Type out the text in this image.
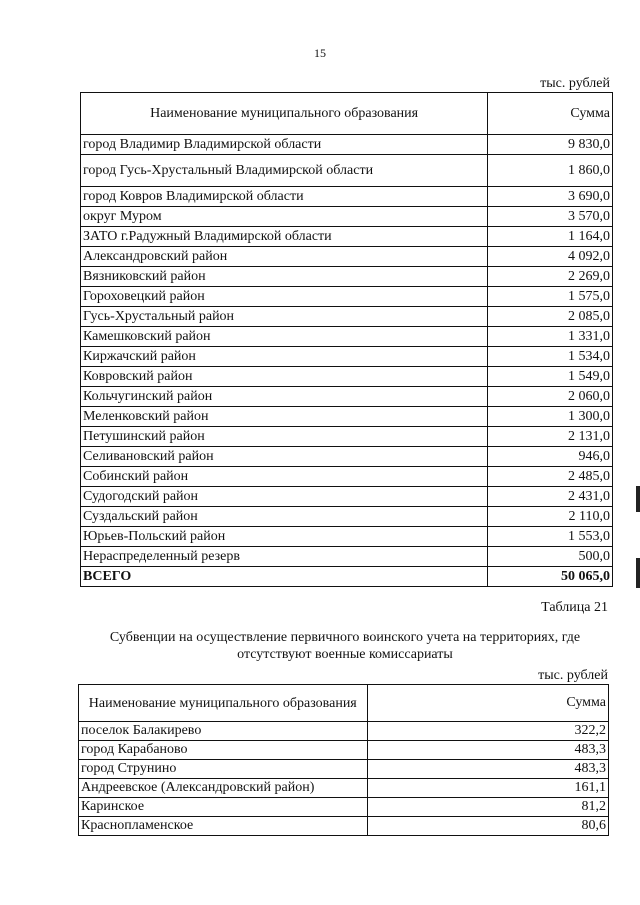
15
тыс. рублей
Наименование муниципального образования	Сумма
город Владимир Владимирской области	9 830,0
город Гусь-Хрустальный Владимирской области	1 860,0
город Ковров Владимирской области	3 690,0
округ Муром	3 570,0
ЗАТО г.Радужный Владимирской области	1 164,0
Александровский район	4 092,0
Вязниковский район	2 269,0
Гороховецкий район	1 575,0
Гусь-Хрустальный район	2 085,0
Камешковский район	1 331,0
Киржачский район	1 534,0
Ковровский район	1 549,0
Кольчугинский район	2 060,0
Меленковский район	1 300,0
Петушинский район	2 131,0
Селивановский район	946,0
Собинский район	2 485,0
Судогодский район	2 431,0
Суздальский район	2 110,0
Юрьев-Польский район	1 553,0
Нераспределенный резерв	500,0
ВСЕГО	50 065,0
Таблица 21
Субвенции на осуществление первичного воинского учета на территориях, где отсутствуют военные комиссариаты
тыс. рублей
Наименование муниципального образования	Сумма
поселок Балакирево	322,2
город Карабаново	483,3
город Струнино	483,3
Андреевское (Александровский район)	161,1
Каринское	81,2
Краснопламенское	80,6
